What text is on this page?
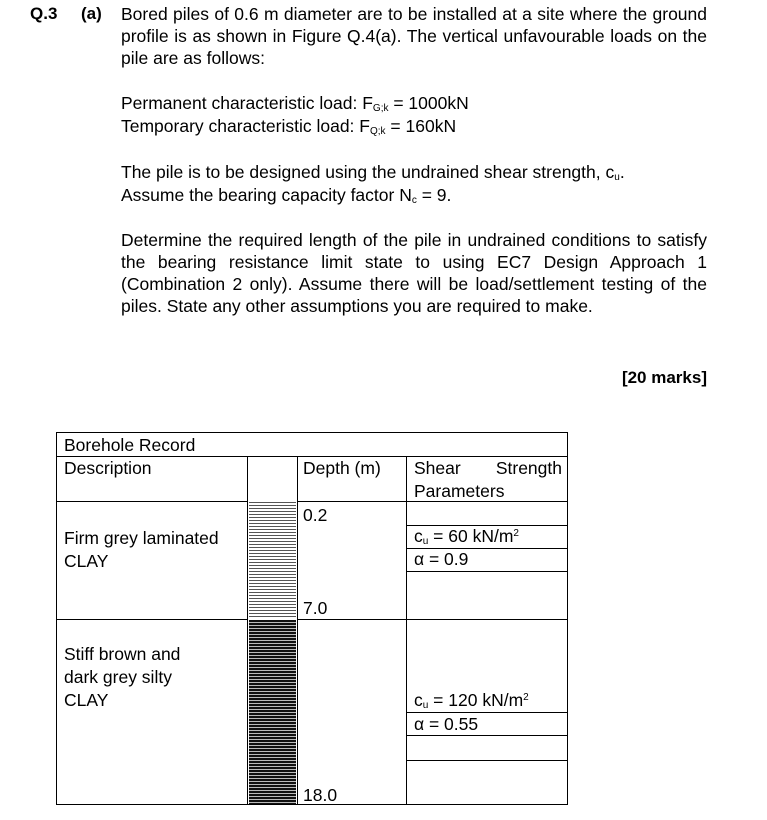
Q.3 (a) Bored piles of 0.6 m diameter are to be installed at a site where the ground profile is as shown in Figure Q.4(a). The vertical unfavourable loads on the pile are as follows:
Permanent characteristic load: $F_{G;k} = 1000kN$
Temporary characteristic load: $F_{Q;k} = 160kN$
The pile is to be designed using the undrained shear strength, $c_u$.
Assume the bearing capacity factor $N_c = 9$.
Determine the required length of the pile in undrained conditions to satisfy the bearing resistance limit state to using EC7 Design Approach 1 (Combination 2 only). Assume there will be load/settlement testing of the piles. State any other assumptions you are required to make.
[20 marks]
Borehole Record
Description	Depth (m) Shear Strength Parameters
0.2
Firm grey laminated CLAY
$c_u = 60$ $kN/m^2$
α = 0.9
7.0
Stiff brown and dark grey silty CLAY	$c_u = 120$ $kN/m^2$
α = 0.55
18.0
